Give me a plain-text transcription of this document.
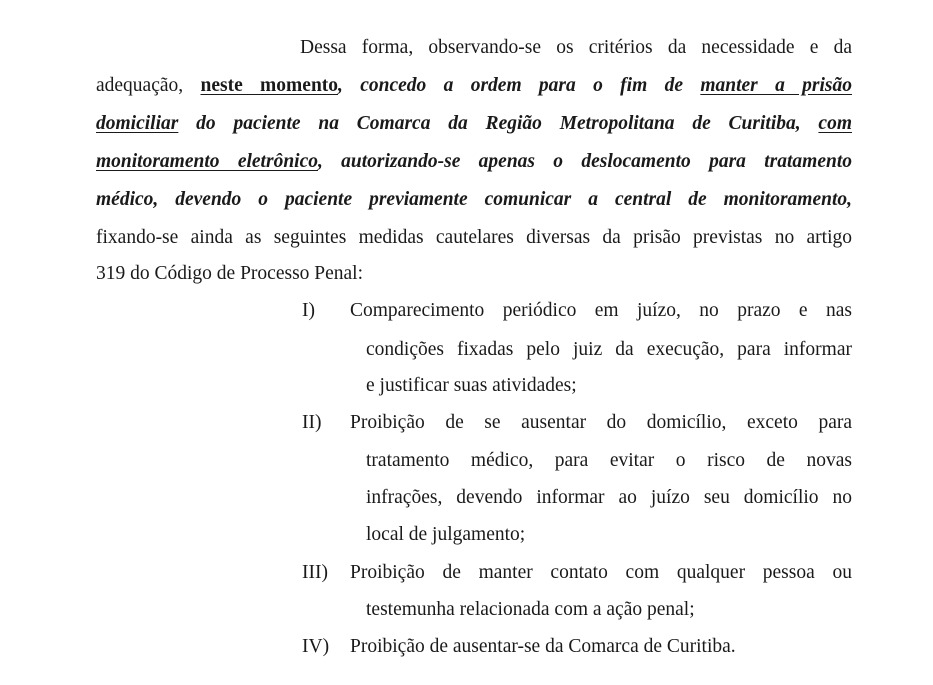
Dessa forma, observando-se os critérios da necessidade e da
adequação, neste momento, concedo a ordem para o fim de manter a prisão
domiciliar do paciente na Comarca da Região Metropolitana de Curitiba, com
monitoramento eletrônico, autorizando-se apenas o deslocamento para tratamento
médico, devendo o paciente previamente comunicar a central de monitoramento,
fixando-se ainda as seguintes medidas cautelares diversas da prisão previstas no artigo
319 do Código de Processo Penal:
I) Comparecimento periódico em juízo, no prazo e nas
condições fixadas pelo juiz da execução, para informar
e justificar suas atividades;
II) Proibição de se ausentar do domicílio, exceto para
tratamento médico, para evitar o risco de novas
infrações, devendo informar ao juízo seu domicílio no
local de julgamento;
III) Proibição de manter contato com qualquer pessoa ou
testemunha relacionada com a ação penal;
IV) Proibição de ausentar-se da Comarca de Curitiba.
